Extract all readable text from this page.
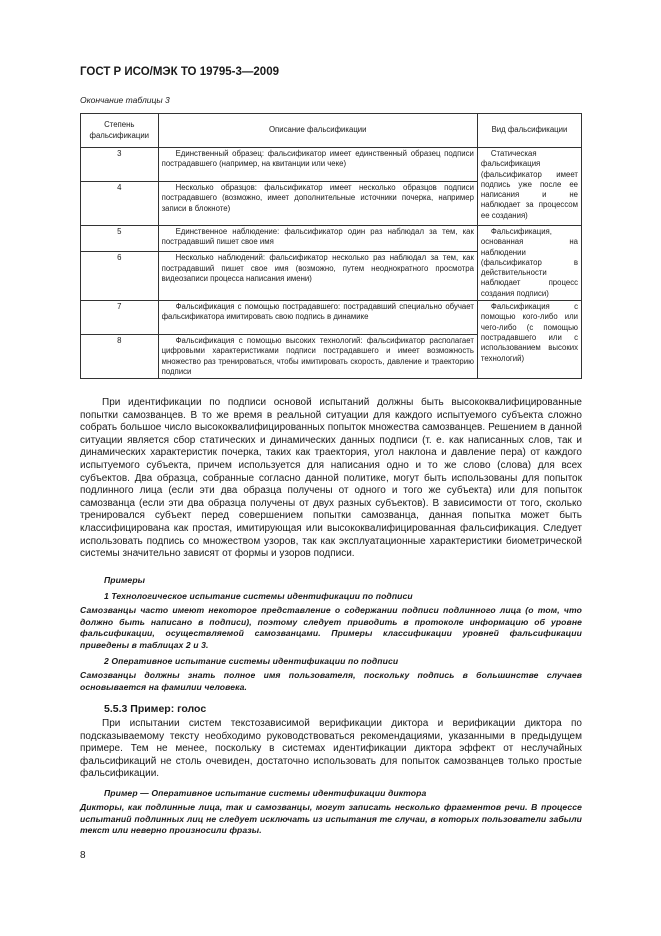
ГОСТ Р ИСО/МЭК ТО 19795-3—2009
Окончание таблицы 3
Степень фальсификации	Описание фальсификации	Вид фальсификации
3	Единственный образец: фальсификатор имеет единственный образец подписи пострадавшего (например, на квитанции или чеке)	Статическая фальсификация (фальсификатор имеет подпись уже после ее написания и не наблюдает за процессом ее создания)
4	Несколько образцов: фальсификатор имеет несколько образцов подписи пострадавшего (возможно, имеет дополнительные источники почерка, например записи в блокноте)	
5	Единственное наблюдение: фальсификатор один раз наблюдал за тем, как пострадавший пишет свое имя	Фальсификация, основанная на наблюдении (фальсификатор в действительности наблюдает процесс создания подписи)
6	Несколько наблюдений: фальсификатор несколько раз наблюдал за тем, как пострадавший пишет свое имя (возможно, путем неоднократного просмотра видеозаписи процесса написания имени)	
7	Фальсификация с помощью пострадавшего: пострадавший специально обучает фальсификатора имитировать свою подпись в динамике	Фальсификация с помощью кого-либо или чего-либо (с помощью пострадавшего или с использованием высоких технологий)
8	Фальсификация с помощью высоких технологий: фальсификатор располагает цифровыми характеристиками подписи пострадавшего и имеет возможность множество раз тренироваться, чтобы имитировать скорость, давление и траекторию подписи	
При идентификации по подписи основой испытаний должны быть высококвалифицированные попытки самозванцев. В то же время в реальной ситуации для каждого испытуемого субъекта сложно собрать большое число высококвалифицированных попыток множества самозванцев. Решением в данной ситуации является сбор статических и динамических данных подписи (т. е. как написанных слов, так и динамических характеристик почерка, таких как траектория, угол наклона и давление пера) от каждого испытуемого субъекта, причем используется для написания одно и то же слово (слова) для всех субъектов. Два образца, собранные согласно данной политике, могут быть использованы для попыток подлинного лица (если эти два образца получены от одного и того же субъекта) или для попыток самозванца (если эти два образца получены от двух разных субъектов). В зависимости от того, сколько тренировался субъект перед совершением попытки самозванца, данная попытка может быть классифицирована как простая, имитирующая или высококвалифицированная фальсификация. Следует использовать подпись со множеством узоров, так как эксплуатационные характеристики биометрической системы значительно зависят от формы и узоров подписи.
Примеры
1 Технологическое испытание системы идентификации по подписи
Самозванцы часто имеют некоторое представление о содержании подписи подлинного лица (о том, что должно быть написано в подписи), поэтому следует приводить в протоколе информацию об уровне фальсификации, осуществляемой самозванцами. Примеры классификации уровней фальсификации приведены в таблицах 2 и 3.
2 Оперативное испытание системы идентификации по подписи
Самозванцы должны знать полное имя пользователя, поскольку подпись в большинстве случаев основывается на фамилии человека.
5.5.3 Пример: голос
При испытании систем текстозависимой верификации диктора и верификации диктора по подсказываемому тексту необходимо руководствоваться рекомендациями, указанными в предыдущем примере. Тем не менее, поскольку в системах идентификации диктора эффект от неслучайных фальсификаций не столь очевиден, достаточно использовать для попыток самозванцев только простые фальсификации.
Пример — Оперативное испытание системы идентификации диктора
Дикторы, как подлинные лица, так и самозванцы, могут записать несколько фрагментов речи. В процессе испытаний подлинных лиц не следует исключать из испытания те случаи, в которых пользователи забыли текст или неверно произносили фразы.
8
